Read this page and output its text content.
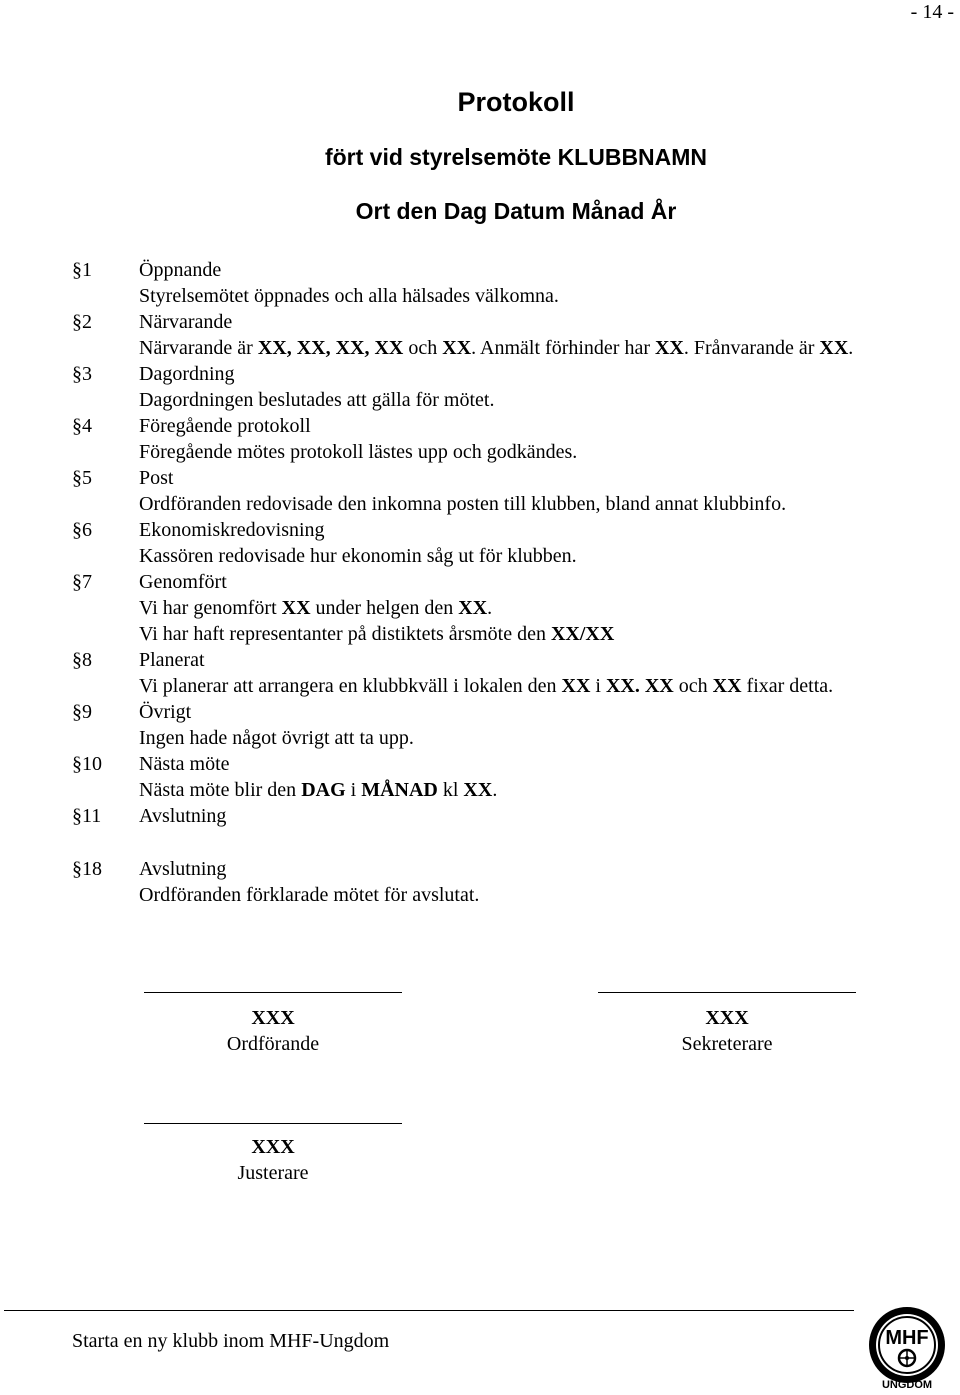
- 14 -
Protokoll
fört vid styrelsemöte KLUBBNAMN
Ort den Dag Datum Månad År
§1 Öppnande
Styrelsemötet öppnades och alla hälsades välkomna.
§2 Närvarande
Närvarande är XX, XX, XX, XX och XX. Anmält förhinder har XX. Frånvarande är XX.
§3 Dagordning
Dagordningen beslutades att gälla för mötet.
§4 Föregående protokoll
Föregående mötes protokoll lästes upp och godkändes.
§5 Post
Ordföranden redovisade den inkomna posten till klubben, bland annat klubbinfo.
§6 Ekonomiskredovisning
Kassören redovisade hur ekonomin såg ut för klubben.
§7 Genomfört
Vi har genomfört XX under helgen den XX.
Vi har haft representanter på distiktets årsmöte den XX/XX
§8 Planerat
Vi planerar att arrangera en klubbkväll i lokalen den XX i XX. XX och XX fixar detta.
§9 Övrigt
Ingen hade något övrigt att ta upp.
§10 Nästa möte
Nästa möte blir den DAG i MÅNAD kl XX.
§11 Avslutning
§18 Avslutning
Ordföranden förklarade mötet för avslutat.
XXX
Ordförande
XXX
Sekreterare
XXX
Justerare
Starta en ny klubb inom MHF-Ungdom	MHF
UNGDOM
